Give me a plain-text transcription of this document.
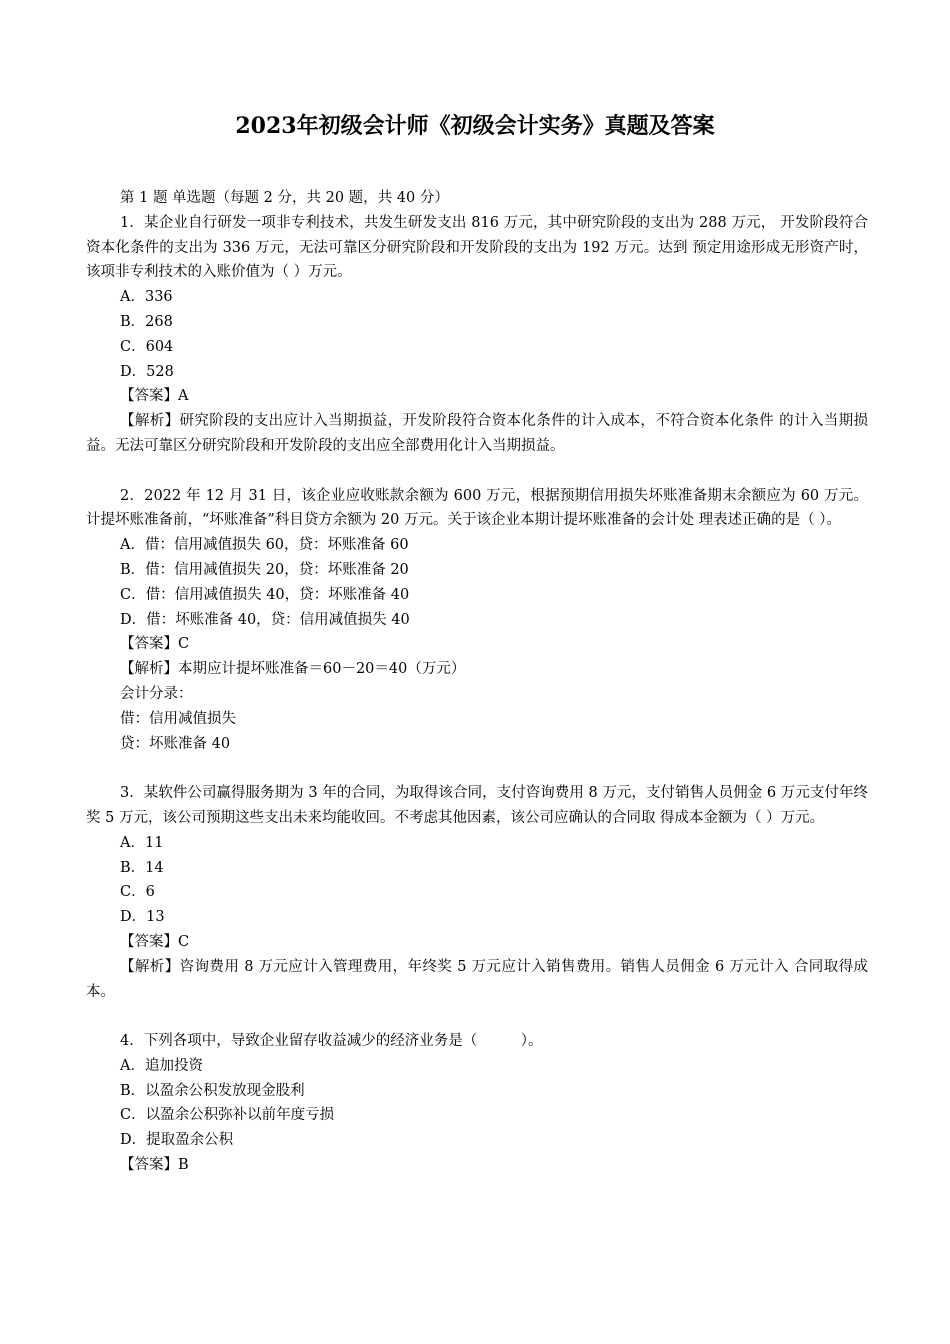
2023年初级会计师《初级会计实务》真题及答案
第 1 题 单选题（每题 2 分，共 20 题，共 40 分）
1．某企业自行研发一项非专利技术，共发生研发支出 816 万元，其中研究阶段的支出为 288 万元， 开发阶段符合资本化条件的支出为 336 万元，无法可靠区分研究阶段和开发阶段的支出为 192 万元。达到 预定用途形成无形资产时，该项非专利技术的入账价值为（ ）万元。
A．336
B．268
C．604
D．528
【答案】A
【解析】研究阶段的支出应计入当期损益，开发阶段符合资本化条件的计入成本，不符合资本化条件 的计入当期损益。无法可靠区分研究阶段和开发阶段的支出应全部费用化计入当期损益。
2．2022 年 12 月 31 日，该企业应收账款余额为 600 万元，根据预期信用损失坏账准备期末余额应为 60 万元。计提坏账准备前，“坏账准备”科目贷方余额为 20 万元。关于该企业本期计提坏账准备的会计处 理表述正确的是（ ）。
A．借：信用减值损失 60，贷：坏账准备 60
B．借：信用减值损失 20，贷：坏账准备 20
C．借：信用减值损失 40，贷：坏账准备 40
D．借：坏账准备 40，贷：信用减值损失 40
【答案】C
【解析】本期应计提坏账准备＝60－20＝40（万元）
会计分录：
借：信用减值损失
贷：坏账准备 40
3．某软件公司赢得服务期为 3 年的合同，为取得该合同，支付咨询费用 8 万元，支付销售人员佣金 6 万元支付年终奖 5 万元，该公司预期这些支出未来均能收回。不考虑其他因素，该公司应确认的合同取 得成本金额为（ ）万元。
A．11
B．14
C．6
D．13
【答案】C
【解析】咨询费用 8 万元应计入管理费用，年终奖 5 万元应计入销售费用。销售人员佣金 6 万元计入 合同取得成本。
4．下列各项中，导致企业留存收益减少的经济业务是（　　　）。
A．追加投资
B．以盈余公积发放现金股利
C．以盈余公积弥补以前年度亏损
D．提取盈余公积
【答案】B
